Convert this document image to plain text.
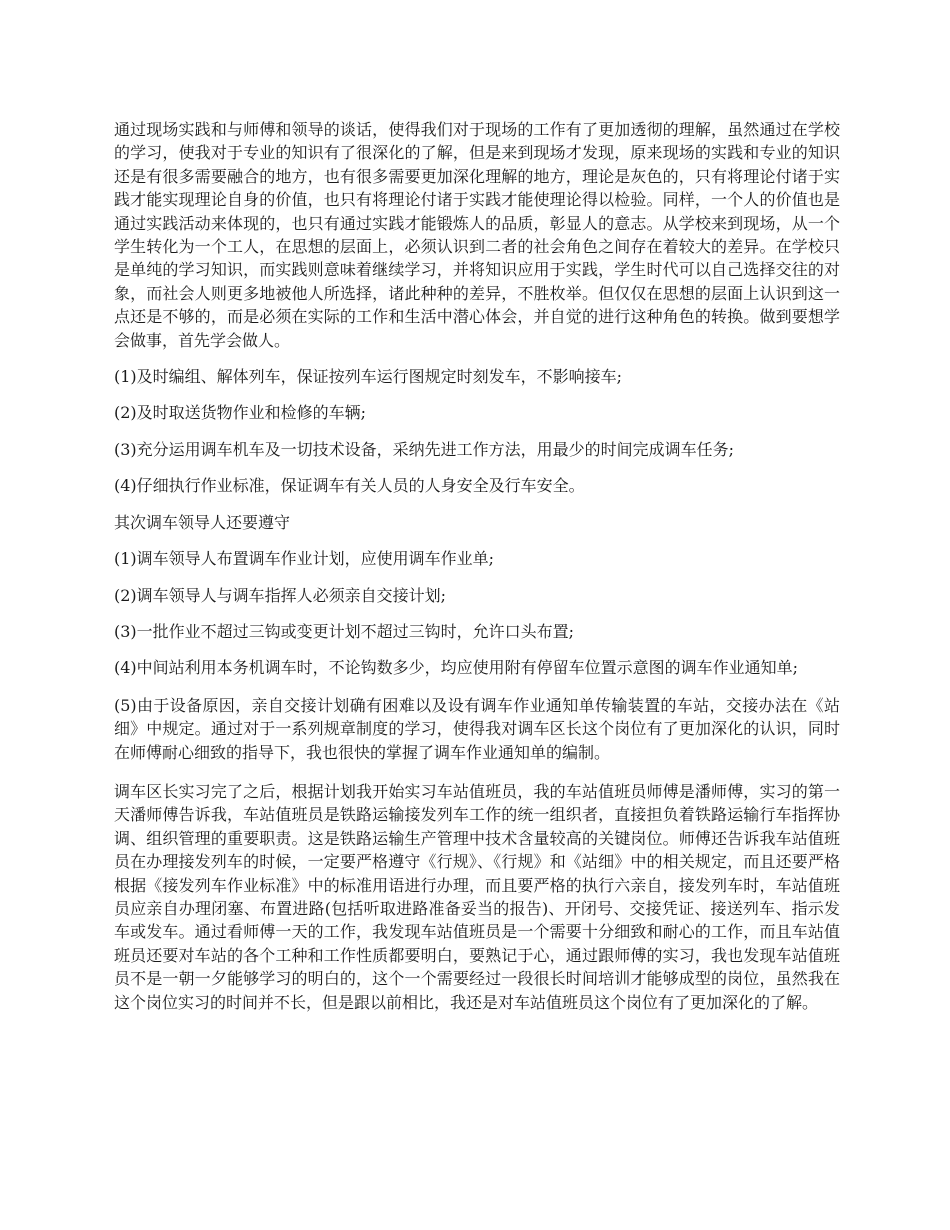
通过现场实践和与师傅和领导的谈话，使得我们对于现场的工作有了更加透彻的理解，虽然通过在学校的学习，使我对于专业的知识有了很深化的了解，但是来到现场才发现，原来现场的实践和专业的知识还是有很多需要融合的地方，也有很多需要更加深化理解的地方，理论是灰色的，只有将理论付诸于实践才能实现理论自身的价值，也只有将理论付诸于实践才能使理论得以检验。同样，一个人的价值也是通过实践活动来体现的，也只有通过实践才能锻炼人的品质，彰显人的意志。从学校来到现场，从一个学生转化为一个工人，在思想的层面上，必须认识到二者的社会角色之间存在着较大的差异。在学校只是单纯的学习知识，而实践则意味着继续学习，并将知识应用于实践，学生时代可以自己选择交往的对象，而社会人则更多地被他人所选择，诸此种种的差异，不胜枚举。但仅仅在思想的层面上认识到这一点还是不够的，而是必须在实际的工作和生活中潜心体会，并自觉的进行这种角色的转换。做到要想学会做事，首先学会做人。

(1)及时编组、解体列车，保证按列车运行图规定时刻发车，不影响接车;

(2)及时取送货物作业和检修的车辆;

(3)充分运用调车机车及一切技术设备，采纳先进工作方法，用最少的时间完成调车任务;

(4)仔细执行作业标准，保证调车有关人员的人身安全及行车安全。

其次调车领导人还要遵守

(1)调车领导人布置调车作业计划，应使用调车作业单;

(2)调车领导人与调车指挥人必须亲自交接计划;

(3)一批作业不超过三钩或变更计划不超过三钩时，允许口头布置;

(4)中间站利用本务机调车时，不论钩数多少，均应使用附有停留车位置示意图的调车作业通知单;

(5)由于设备原因，亲自交接计划确有困难以及设有调车作业通知单传输装置的车站，交接办法在《站细》中规定。通过对于一系列规章制度的学习，使得我对调车区长这个岗位有了更加深化的认识，同时在师傅耐心细致的指导下，我也很快的掌握了调车作业通知单的编制。

调车区长实习完了之后，根据计划我开始实习车站值班员，我的车站值班员师傅是潘师傅，实习的第一天潘师傅告诉我，车站值班员是铁路运输接发列车工作的统一组织者，直接担负着铁路运输行车指挥协调、组织管理的重要职责。这是铁路运输生产管理中技术含量较高的关键岗位。师傅还告诉我车站值班员在办理接发列车的时候，一定要严格遵守《行规》、《行规》和《站细》中的相关规定，而且还要严格根据《接发列车作业标准》中的标准用语进行办理，而且要严格的执行六亲自，接发列车时，车站值班员应亲自办理闭塞、布置进路(包括听取进路准备妥当的报告)、开闭号、交接凭证、接送列车、指示发车或发车。通过看师傅一天的工作，我发现车站值班员是一个需要十分细致和耐心的工作，而且车站值班员还要对车站的各个工种和工作性质都要明白，要熟记于心，通过跟师傅的实习，我也发现车站值班员不是一朝一夕能够学习的明白的，这个一个需要经过一段很长时间培训才能够成型的岗位，虽然我在这个岗位实习的时间并不长，但是跟以前相比，我还是对车站值班员这个岗位有了更加深化的了解。
